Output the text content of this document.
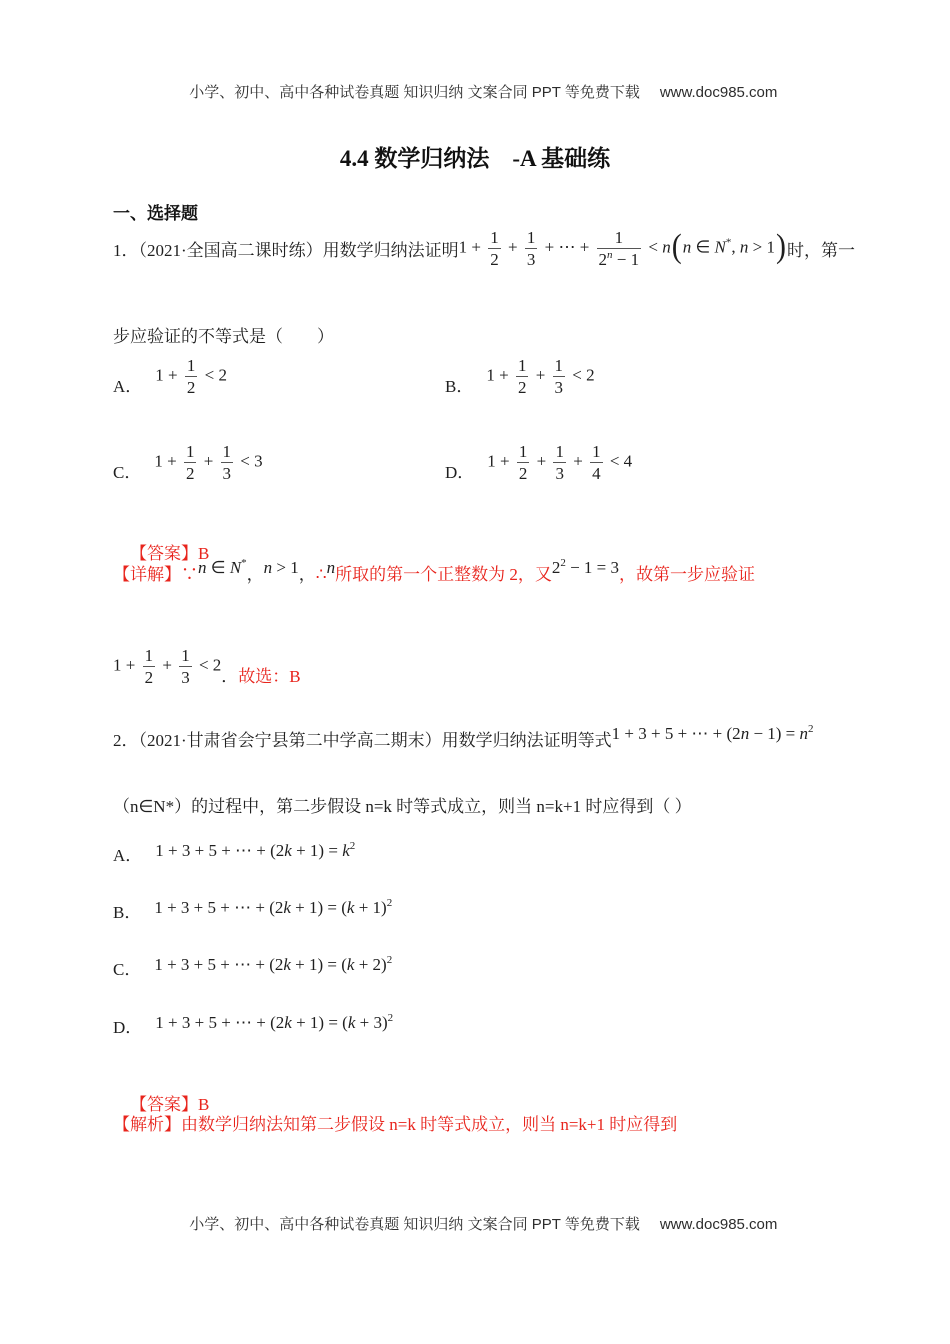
小学、初中、高中各种试卷真题 知识归纳 文案合同 PPT 等免费下载 www.doc985.com

4.4 数学归纳法　-A 基础练
一、选择题
1．（2021·全国高二课时练）用数学归纳法证明 $1 + \frac{1}{2} + \frac{1}{3}$ + ⋯ + $\frac{1}{2^n - 1} < n(n$ ∈ N*, n > 1) 时，第一
步应验证的不等式是（　　）
A．
$1 + \frac{1}{2} < 2$
B．
$1 + \frac{1}{2} + \frac{1}{3} < 2$
C．
$1 + \frac{1}{2} + \frac{1}{3} < 3$
D．
$1 + \frac{1}{2} + \frac{1}{3} + \frac{1}{4} < 4$

【答案】B

【详解】∵ n ∈ N*
， n > 1 ， ∴ n 所取的第一个正整数为 2，又 $2^2 - 1 = 3$ ，故第一步应验证
$1 + \frac{1}{2} + \frac{1}{3} < 2$
． 故选：B
2．（2021·甘肃省会宁县第二中学高二期末）用数学归纳法证明等式 1 + 3 + 5 + ⋯ + $(2n - 1) = n^2$
（n∈N*）的过程中，第二步假设 n=k 时等式成立，则当 n=k+1 时应得到（ ）
A． 1 + 3 + 5 + ⋯ + $(2k + 1) = k^2$
B． 1 + 3 + 5 + ⋯ + $(2k + 1) = (k + 1)^2$
C． 1 + 3 + 5 + ⋯ + $(2k + 1) = (k + 2)^2$
D． 1 + 3 + 5 + ⋯ + $(2k + 1) = (k + 3)^2$

【答案】B

【解析】由数学归纳法知第二步假设 n=k 时等式成立，则当 n=k+1 时应得到

小学、初中、高中各种试卷真题 知识归纳 文案合同 PPT 等免费下载 www.doc985.com
